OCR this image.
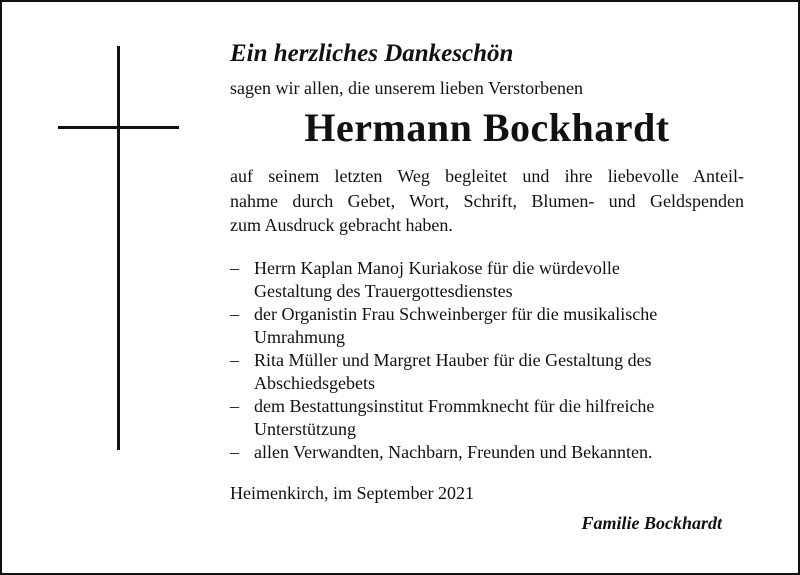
Ein herzliches Dankeschön
sagen wir allen, die unserem lieben Verstorbenen
Hermann Bockhardt
auf seinem letzten Weg begleitet und ihre liebevolle Anteil-
nahme durch Gebet, Wort, Schrift, Blumen- und Geldspenden
zum Ausdruck gebracht haben.
– Herrn Kaplan Manoj Kuriakose für die würdevolle
Gestaltung des Trauergottesdienstes
– der Organistin Frau Schweinberger für die musikalische
Umrahmung
– Rita Müller und Margret Hauber für die Gestaltung des
Abschiedsgebets
– dem Bestattungsinstitut Frommknecht für die hilfreiche
Unterstützung
– allen Verwandten, Nachbarn, Freunden und Bekannten.
Heimenkirch, im September 2021
Familie Bockhardt
